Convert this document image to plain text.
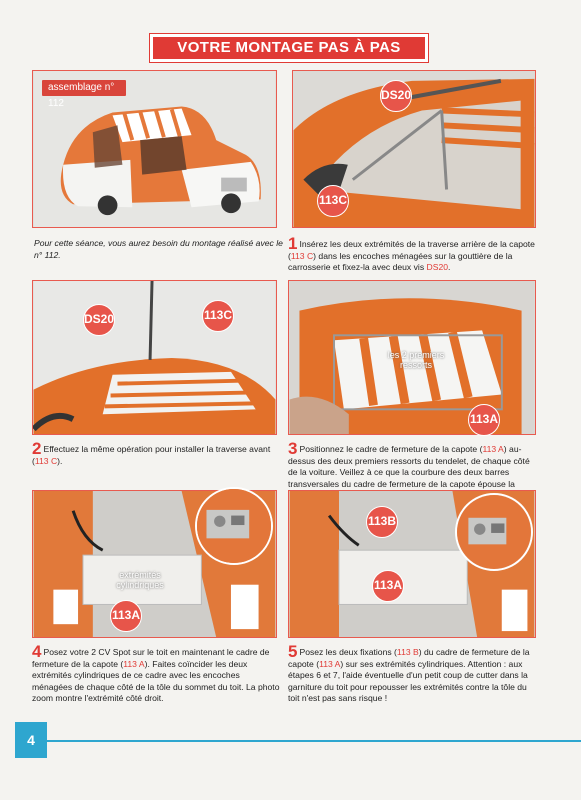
VOTRE MONTAGE PAS À PAS
assemblage n° 112
Pour cette séance, vous aurez besoin du montage réalisé avec le n° 112.
DS20
113C
1 Insérez les deux extrémités de la traverse arrière de la capote (113 C) dans les encoches ménagées sur la gouttière de la carrosserie et fixez-la avec deux vis DS20.
DS20	113C
2 Effectuez la même opération pour installer la traverse avant (113 C).
les 2 premiers ressorts
113A
3 Positionnez le cadre de fermeture de la capote (113 A) au-dessus des deux premiers ressorts du tendelet, de chaque côté de la voiture. Veillez à ce que la courbure des deux barres transversales du cadre de fermeture de la capote épouse la
extrémités cylindriques
113A
4 Posez votre 2 CV Spot sur le toit en maintenant le cadre de fermeture de la capote (113 A). Faites coïncider les deux extrémités cylindriques de ce cadre avec les encoches ménagées de chaque côté de la tôle du sommet du toit. La photo zoom montre l'extrémité côté droit.
113B
113A
5 Posez les deux fixations (113 B) du cadre de fermeture de la capote (113 A) sur ses extrémités cylindriques. Attention : aux étapes 6 et 7, l'aide éventuelle d'un petit coup de cutter dans la garniture du toit pour repousser les extrémités contre la tôle du toit n'est pas sans risque !
4
